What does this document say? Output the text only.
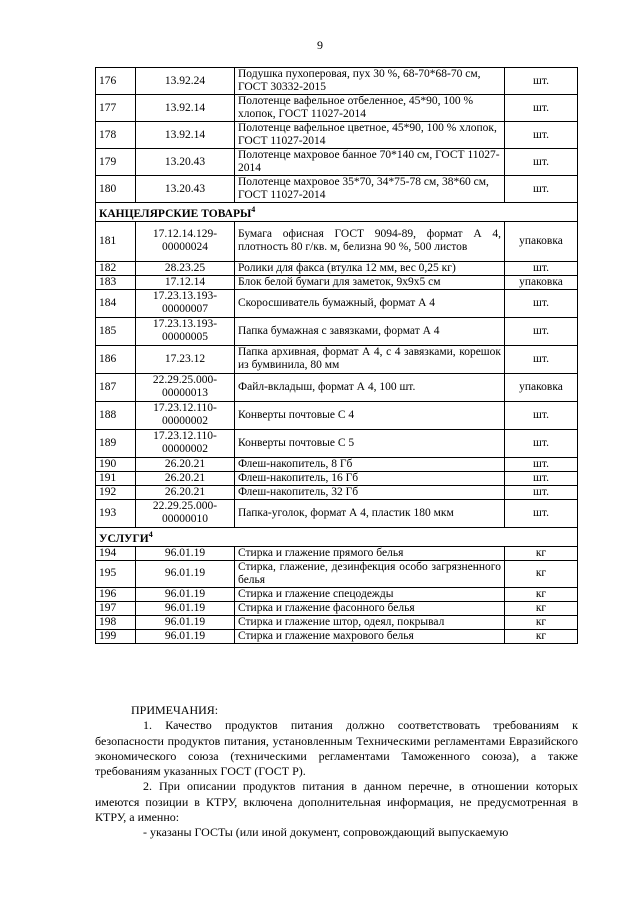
9
176	13.92.24	Подушка пухоперовая, пух 30 %, 68-70*68-70 см, ГОСТ 30332-2015	шт.
177	13.92.14	Полотенце вафельное отбеленное, 45*90, 100 % хлопок, ГОСТ 11027-2014	шт.
178	13.92.14	Полотенце вафельное цветное, 45*90, 100 % хлопок, ГОСТ 11027-2014	шт.
179	13.20.43	Полотенце махровое банное 70*140 см, ГОСТ 11027-2014	шт.
180	13.20.43	Полотенце махровое 35*70, 34*75-78 см, 38*60 см, ГОСТ 11027-2014	шт.
КАНЦЕЛЯРСКИЕ ТОВАРЫ$^4$
181	17.12.14.129-00000024	Бумага офисная ГОСТ 9094-89, формат А 4, плотность 80 г/кв. м, белизна 90 %, 500 листов	упаковка
182	28.23.25	Ролики для факса (втулка 12 мм, вес 0,25 кг)	шт.
183	17.12.14	Блок белой бумаги для заметок, 9х9х5 см	упаковка
184	17.23.13.193-00000007	Скоросшиватель бумажный, формат А 4	шт.
185	17.23.13.193-00000005	Папка бумажная с завязками, формат А 4	шт.
186	17.23.12	Папка архивная, формат А 4, с 4 завязками, корешок из бумвинила, 80 мм	шт.
187	22.29.25.000-00000013	Файл-вкладыш, формат А 4, 100 шт.	упаковка
188	17.23.12.110-00000002	Конверты почтовые С 4	шт.
189	17.23.12.110-00000002	Конверты почтовые С 5	шт.
190	26.20.21	Флеш-накопитель, 8 Гб	шт.
191	26.20.21	Флеш-накопитель, 16 Гб	шт.
192	26.20.21	Флеш-накопитель, 32 Гб	шт.
193	22.29.25.000-00000010	Папка-уголок, формат А 4, пластик 180 мкм	шт.
УСЛУГИ$^4$
194	96.01.19	Стирка и глажение прямого белья	кг
195	96.01.19	Стирка, глажение, дезинфекция особо загрязненного белья	кг
196	96.01.19	Стирка и глажение спецодежды	кг
197	96.01.19	Стирка и глажение фасонного белья	кг
198	96.01.19	Стирка и глажение штор, одеял, покрывал	кг
199	96.01.19	Стирка и глажение махрового белья	кг

ПРИМЕЧАНИЯ:

1. Качество продуктов питания должно соответствовать требованиям к безопасности продуктов питания, установленным Техническими регламентами Евразийского экономического союза (техническими регламентами Таможенного союза), а также требованиям указанных ГОСТ (ГОСТ Р).

2. При описании продуктов питания в данном перечне, в отношении которых имеются позиции в КТРУ, включена дополнительная информация, не предусмотренная в КТРУ, а именно:

- указаны ГОСТы (или иной документ, сопровождающий выпускаемую
